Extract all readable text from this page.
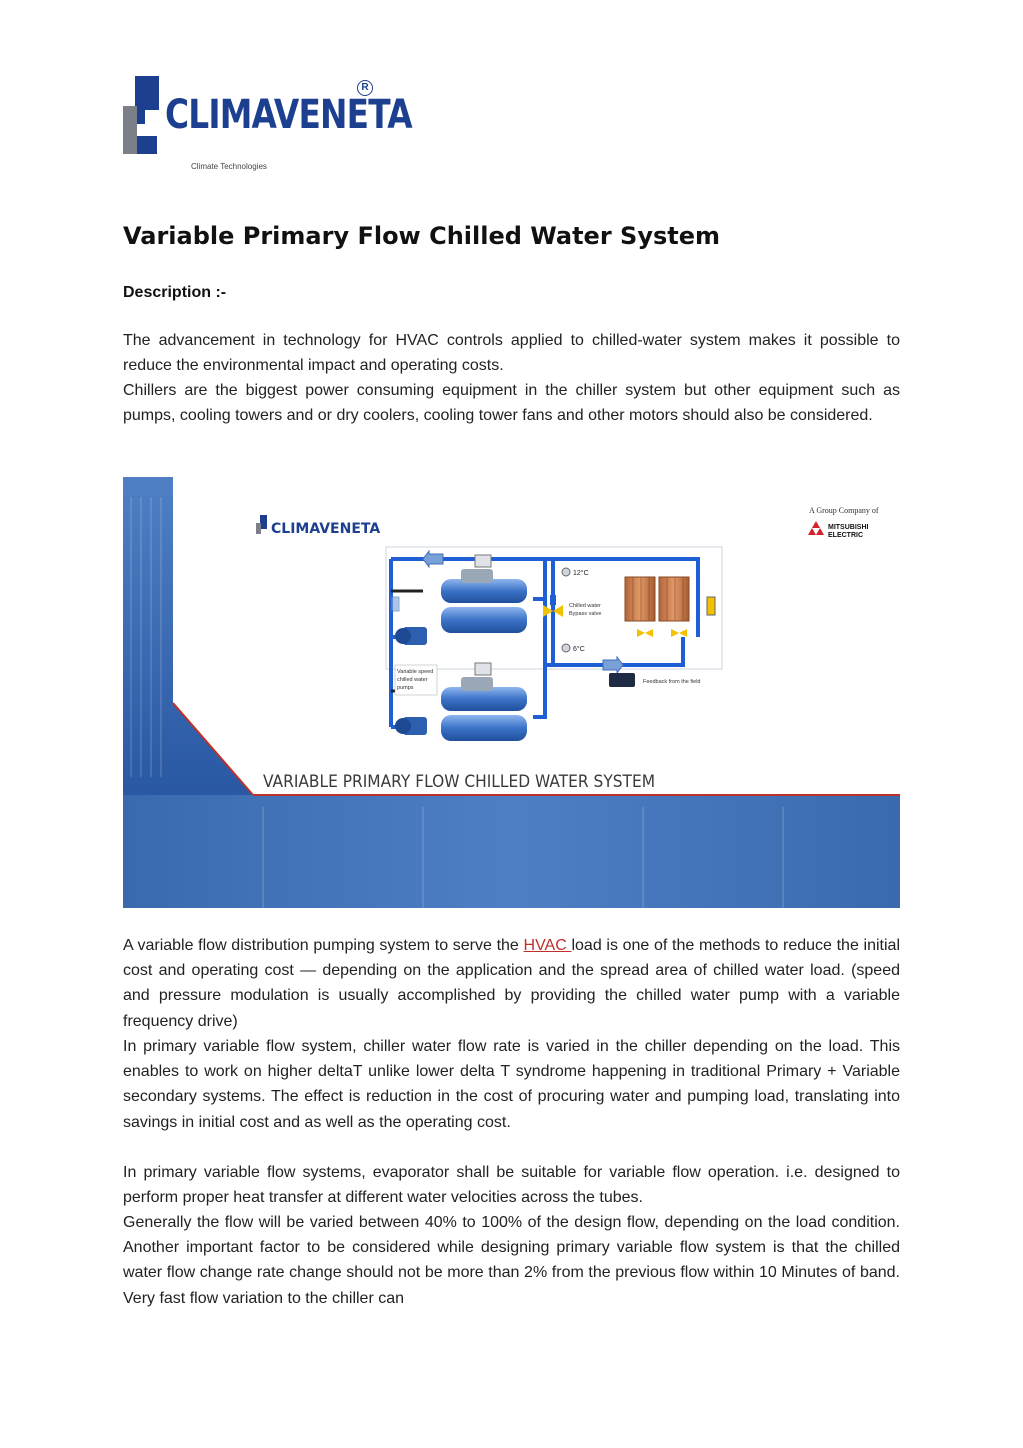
CLIMAVENETA
R
Climate Technologies
Variable Primary Flow Chilled Water System

Description :-

The advancement in technology for HVAC controls applied to chilled-water system makes it possible to reduce the environmental impact and operating costs.

Chillers are the biggest power consuming equipment in the chiller system but other equipment such as pumps, cooling towers and or dry coolers, cooling tower fans and other motors should also be considered.

CLIMAVENETA
A Group Company of
MITSUBISHI
ELECTRIC
Variable speed
chilled water
pumps
12°C
6°C
Chilled water
Bypass valve
Feedback from the field
VARIABLE PRIMARY FLOW CHILLED WATER SYSTEM

A variable flow distribution pumping system to serve the HVAC load is one of the methods to reduce the initial cost and operating cost — depending on the application and the spread area of chilled water load. (speed and pressure modulation is usually accomplished by providing the chilled water pump with a variable frequency drive)

In primary variable flow system, chiller water flow rate is varied in the chiller depending on the load. This enables to work on higher deltaT unlike lower delta T syndrome happening in traditional Primary + Variable secondary systems. The effect is reduction in the cost of procuring water and pumping load, translating into savings in initial cost and as well as the operating cost.

In primary variable flow systems, evaporator shall be suitable for variable flow operation. i.e. designed to perform proper heat transfer at different water velocities across the tubes.

Generally the flow will be varied between 40% to 100% of the design flow, depending on the load condition. Another important factor to be considered while designing primary variable flow system is that the chilled water flow change rate change should not be more than 2% from the previous flow within 10 Minutes of band. Very fast flow variation to the chiller can
